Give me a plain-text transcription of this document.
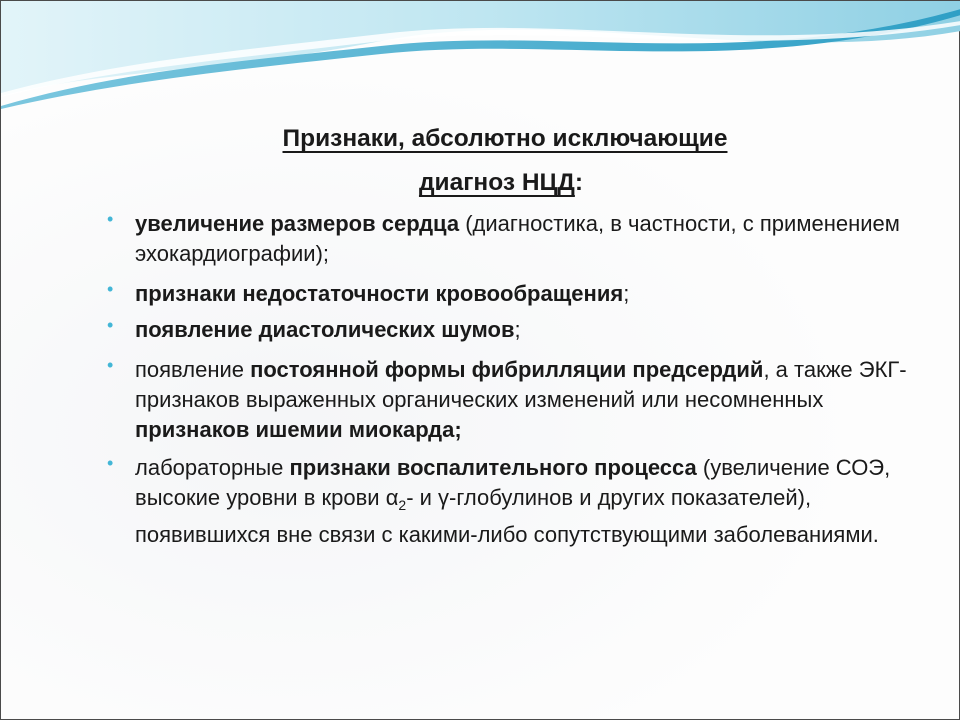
Признаки, абсолютно исключающие
диагноз НЦД:
• увеличение размеров сердца (диагностика, в частности, с применением эхокардиографии);
• признаки недостаточности кровообращения;
• появление диастолических шумов;
• появление постоянной формы фибрилляции предсердий, а также ЭКГ-признаков выраженных органических изменений или несомненных признаков ишемии миокарда;
• лабораторные признаки воспалительного процесса (увеличение СОЭ, высокие уровни в крови $\alpha_2-$ и γ-глобулинов и других показателей), появившихся вне связи с какими-либо сопутствующими заболеваниями.
